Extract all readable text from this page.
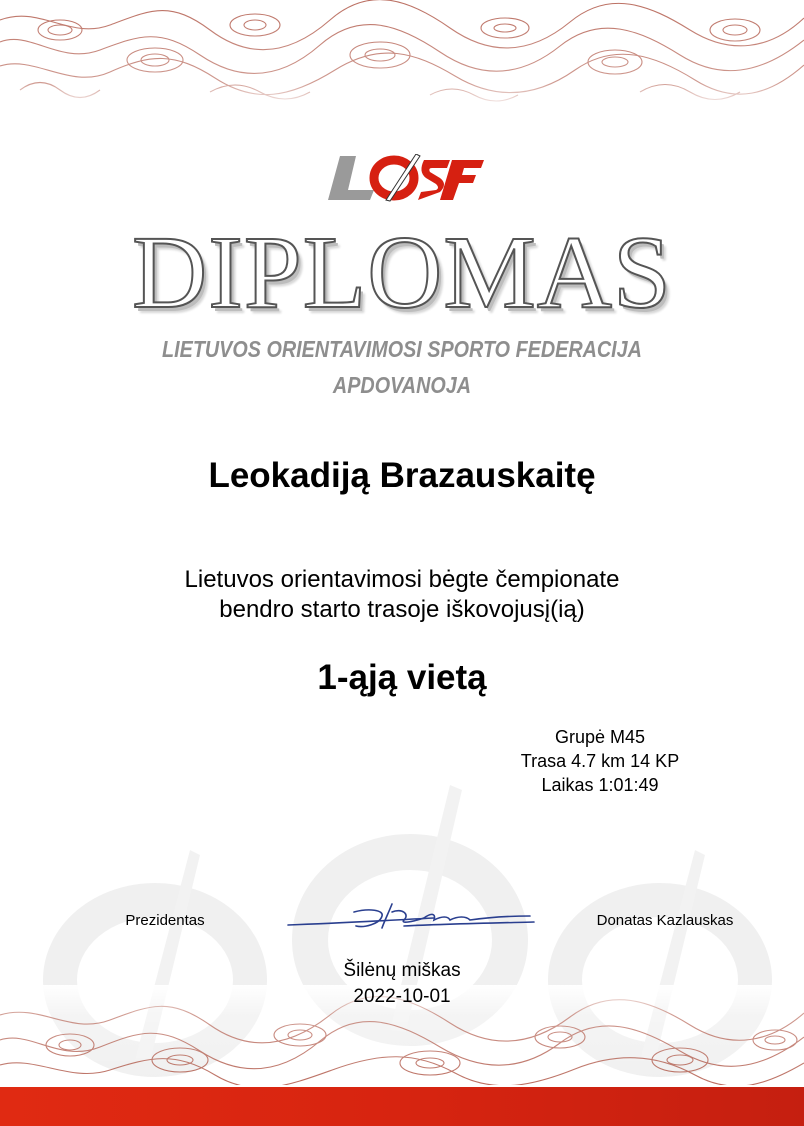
DIPLOMAS
LIETUVOS ORIENTAVIMOSI SPORTO FEDERACIJA
APDOVANOJA
Leokadiją Brazauskaitę
Lietuvos orientavimosi bėgte čempionate
bendro starto trasoje iškovojusį(ią)
1-ąją vietą
Grupė M45
Trasa 4.7 km 14 KP
Laikas 1:01:49
Prezidentas	Donatas Kazlauskas
Šilėnų miškas
2022-10-01
